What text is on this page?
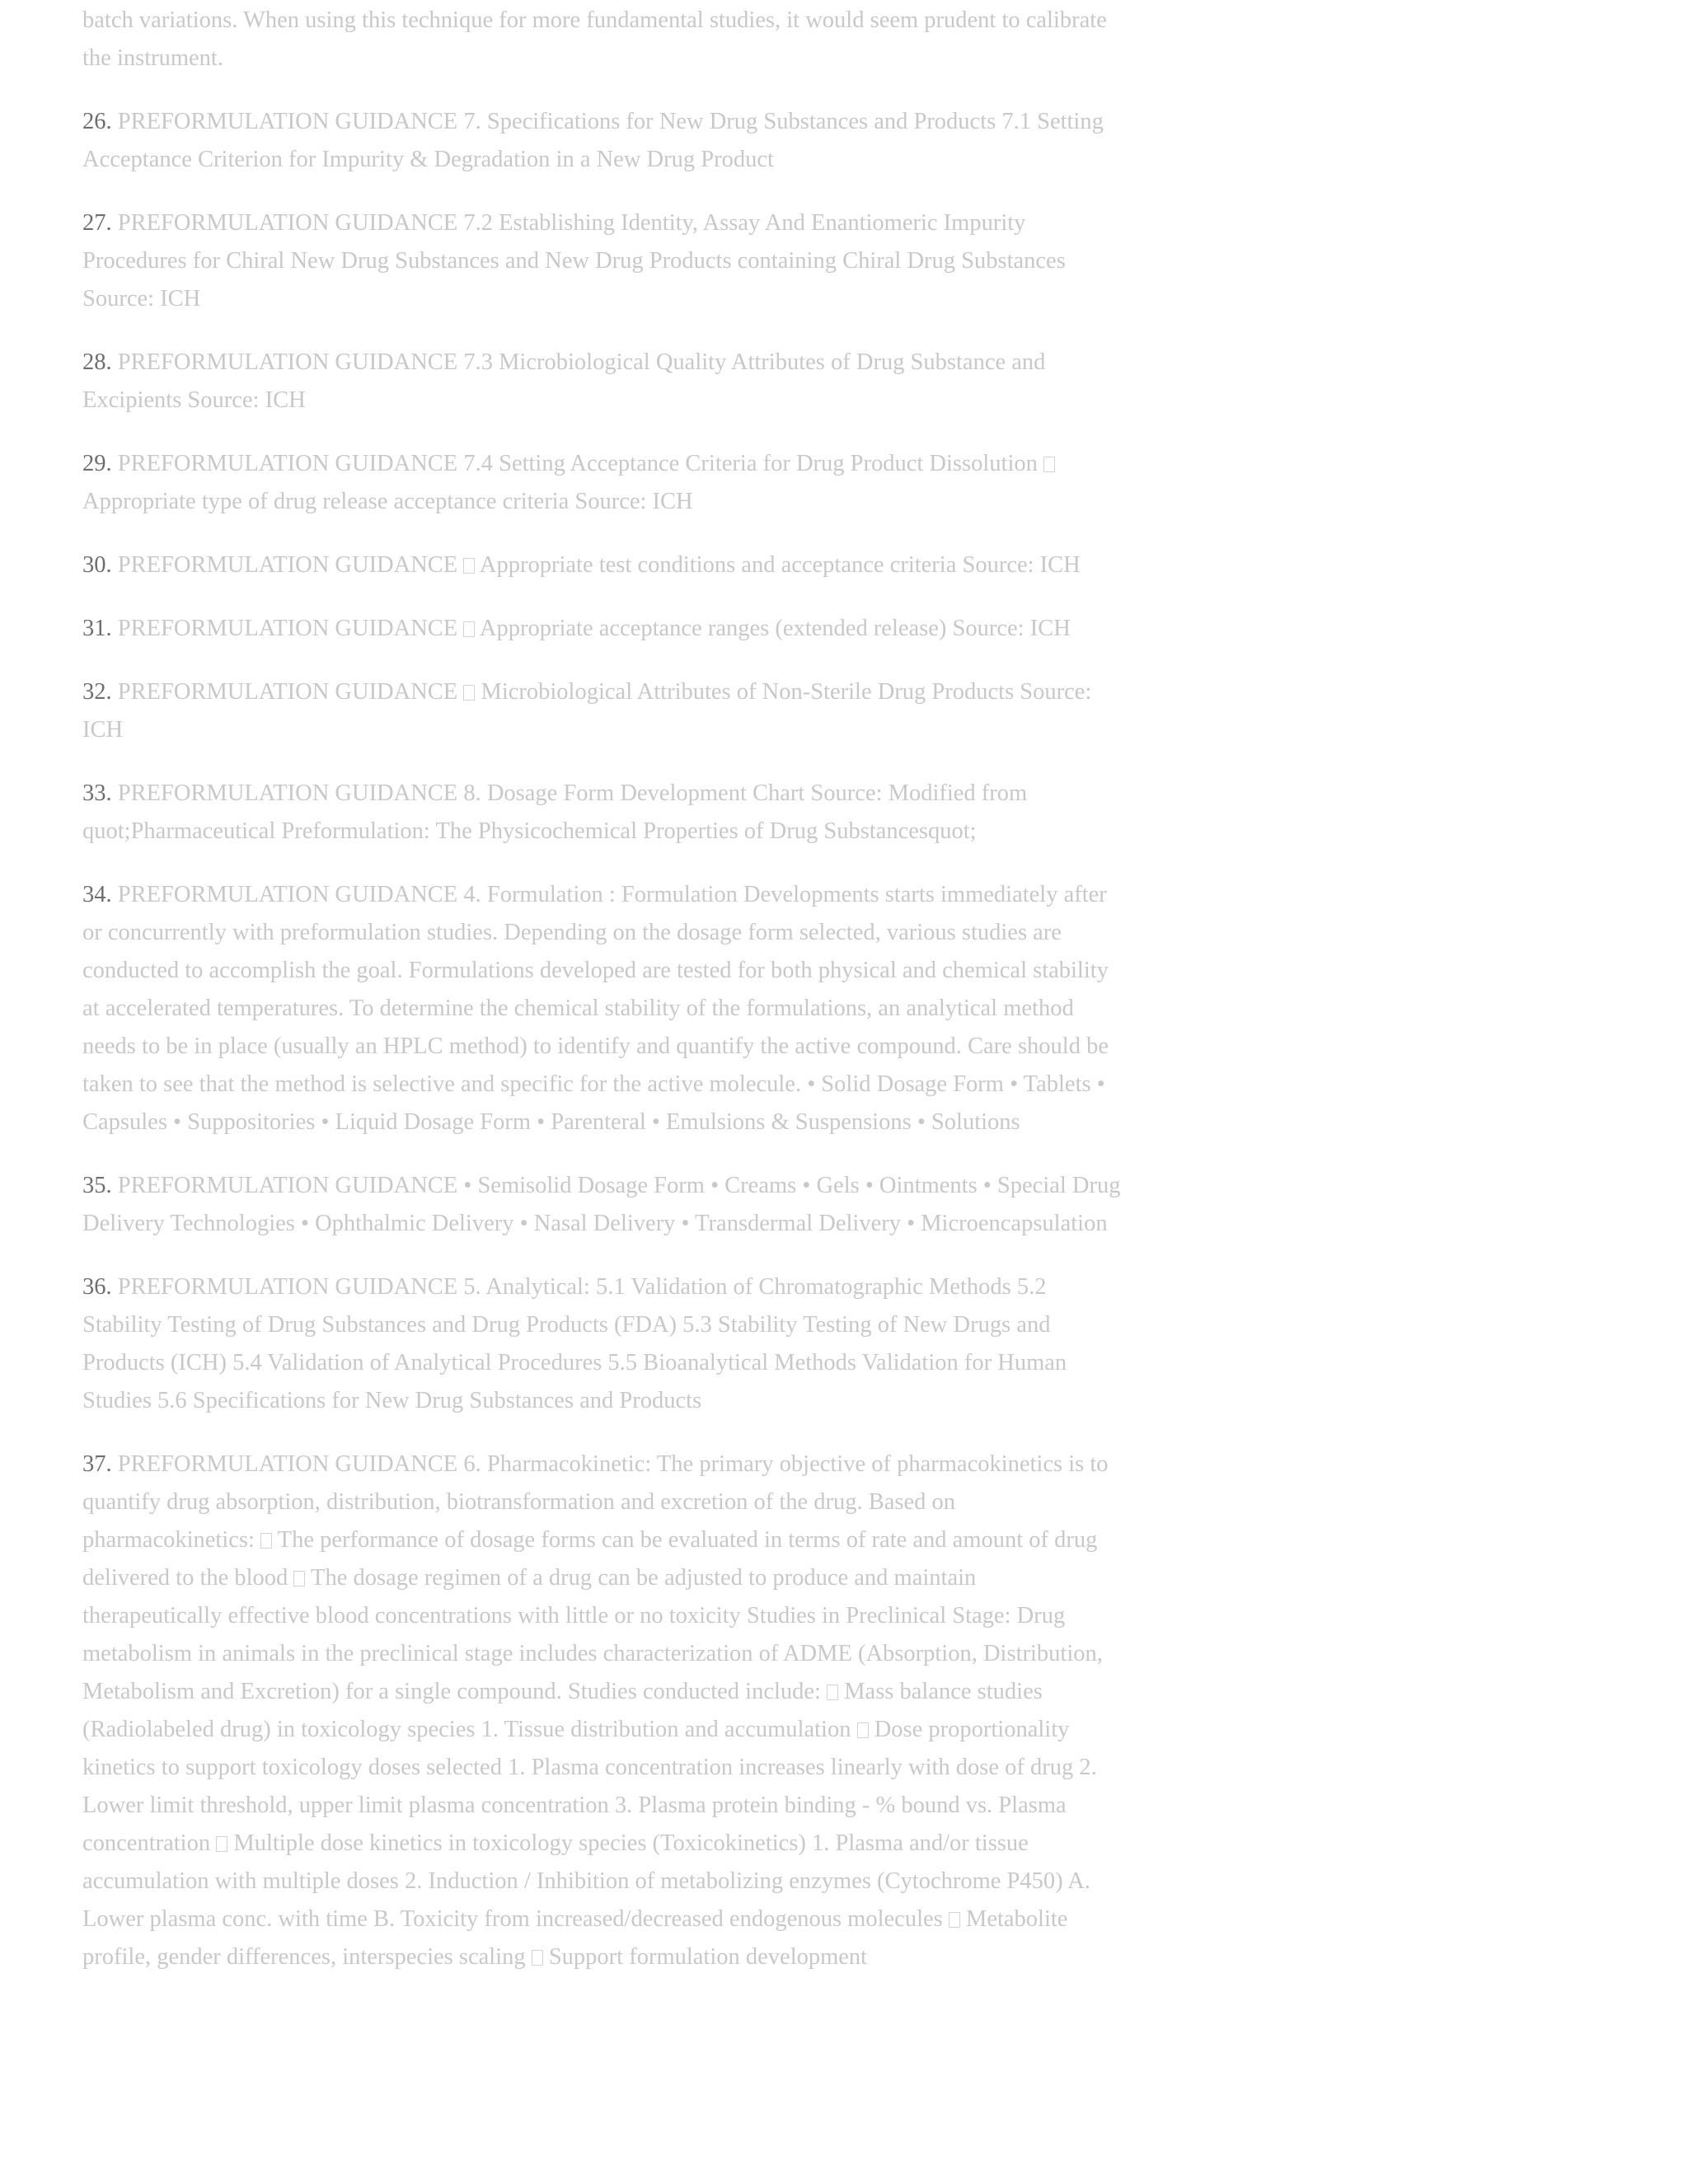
batch variations. When using this technique for more fundamental studies, it would seem prudent to calibrate the instrument.

26. PREFORMULATION GUIDANCE 7. Specifications for New Drug Substances and Products 7.1 Setting Acceptance Criterion for Impurity & Degradation in a New Drug Product

27. PREFORMULATION GUIDANCE 7.2 Establishing Identity, Assay And Enantiomeric Impurity Procedures for Chiral New Drug Substances and New Drug Products containing Chiral Drug Substances Source: ICH

28. PREFORMULATION GUIDANCE 7.3 Microbiological Quality Attributes of Drug Substance and Excipients Source: ICH

29. PREFORMULATION GUIDANCE 7.4 Setting Acceptance Criteria for Drug Product Dissolution  Appropriate type of drug release acceptance criteria Source: ICH

30. PREFORMULATION GUIDANCE  Appropriate test conditions and acceptance criteria Source: ICH

31. PREFORMULATION GUIDANCE  Appropriate acceptance ranges (extended release) Source: ICH

32. PREFORMULATION GUIDANCE  Microbiological Attributes of Non-Sterile Drug Products Source: ICH

33. PREFORMULATION GUIDANCE 8. Dosage Form Development Chart Source: Modified from quot;Pharmaceutical Preformulation: The Physicochemical Properties of Drug Substancesquot;

34. PREFORMULATION GUIDANCE 4. Formulation : Formulation Developments starts immediately after or concurrently with preformulation studies. Depending on the dosage form selected, various studies are conducted to accomplish the goal. Formulations developed are tested for both physical and chemical stability at accelerated temperatures. To determine the chemical stability of the formulations, an analytical method needs to be in place (usually an HPLC method) to identify and quantify the active compound. Care should be taken to see that the method is selective and specific for the active molecule. • Solid Dosage Form • Tablets • Capsules • Suppositories • Liquid Dosage Form • Parenteral • Emulsions & Suspensions • Solutions

35. PREFORMULATION GUIDANCE • Semisolid Dosage Form • Creams • Gels • Ointments • Special Drug Delivery Technologies • Ophthalmic Delivery • Nasal Delivery • Transdermal Delivery • Microencapsulation

36. PREFORMULATION GUIDANCE 5. Analytical: 5.1 Validation of Chromatographic Methods 5.2 Stability Testing of Drug Substances and Drug Products (FDA) 5.3 Stability Testing of New Drugs and Products (ICH) 5.4 Validation of Analytical Procedures 5.5 Bioanalytical Methods Validation for Human Studies 5.6 Specifications for New Drug Substances and Products

37. PREFORMULATION GUIDANCE 6. Pharmacokinetic: The primary objective of pharmacokinetics is to quantify drug absorption, distribution, biotransformation and excretion of the drug. Based on pharmacokinetics:  The performance of dosage forms can be evaluated in terms of rate and amount of drug delivered to the blood  The dosage regimen of a drug can be adjusted to produce and maintain therapeutically effective blood concentrations with little or no toxicity Studies in Preclinical Stage: Drug metabolism in animals in the preclinical stage includes characterization of ADME (Absorption, Distribution, Metabolism and Excretion) for a single compound. Studies conducted include:  Mass balance studies (Radiolabeled drug) in toxicology species 1. Tissue distribution and accumulation  Dose proportionality kinetics to support toxicology doses selected 1. Plasma concentration increases linearly with dose of drug 2. Lower limit threshold, upper limit plasma concentration 3. Plasma protein binding - % bound vs. Plasma concentration  Multiple dose kinetics in toxicology species (Toxicokinetics) 1. Plasma and/or tissue accumulation with multiple doses 2. Induction / Inhibition of metabolizing enzymes (Cytochrome P450) A. Lower plasma conc. with time B. Toxicity from increased/decreased endogenous molecules  Metabolite profile, gender differences, interspecies scaling  Support formulation development
